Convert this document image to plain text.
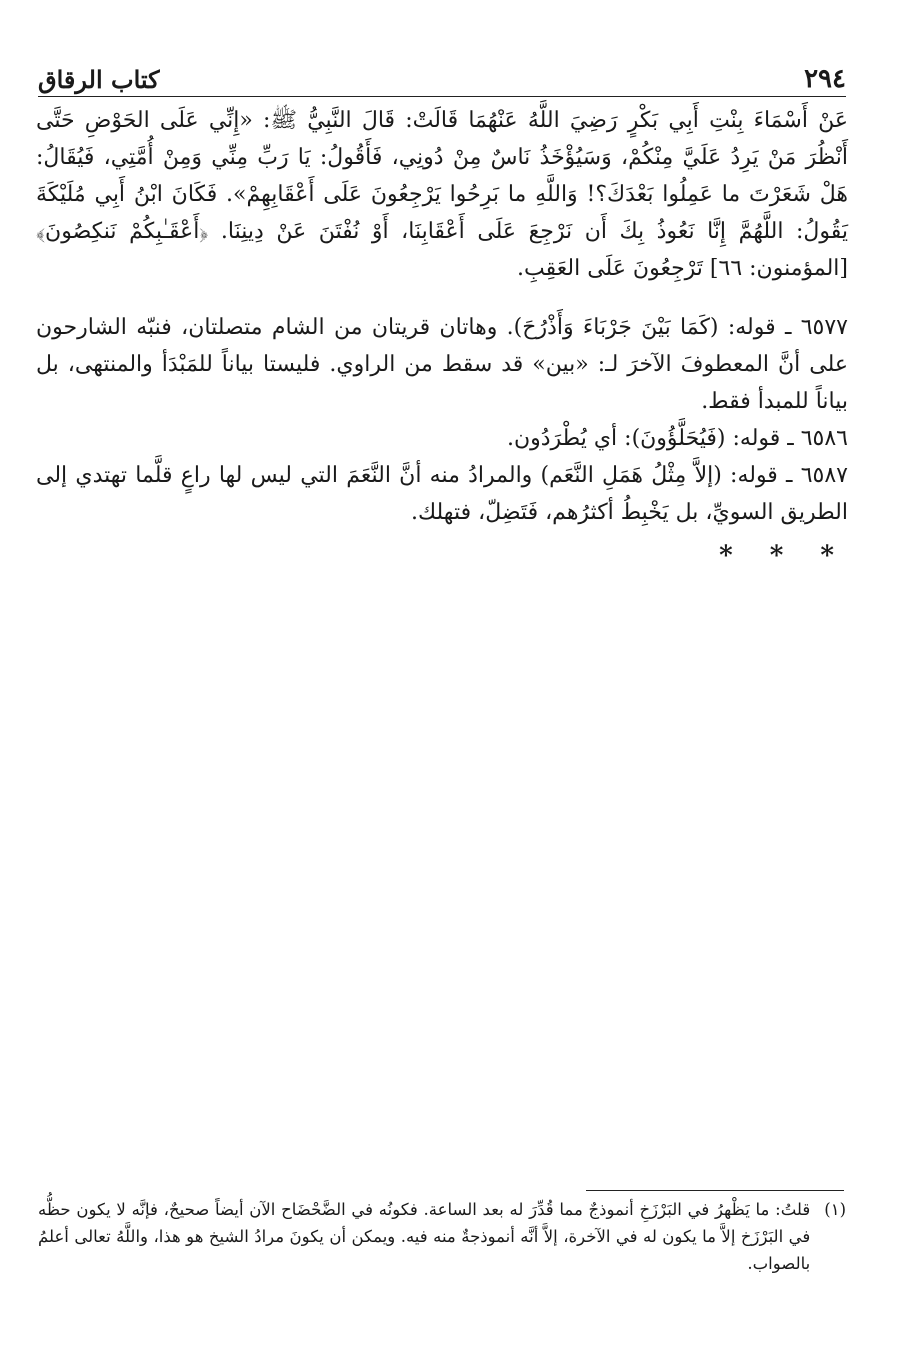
٢٩٤
كتاب الرقاق

عَنْ أَسْمَاءَ بِنْتِ أَبِي بَكْرٍ رَضِيَ اللَّهُ عَنْهُمَا قَالَتْ: قَالَ النَّبِيُّ ﷺ: «إِنِّي عَلَى الحَوْضِ حَتَّى أَنْظُرَ مَنْ يَرِدُ عَلَيَّ مِنْكُمْ، وَسَيُؤْخَذُ نَاسٌ مِنْ دُونِي، فَأَقُولُ: يَا رَبِّ مِنِّي وَمِنْ أُمَّتِي، فَيُقَالُ: هَلْ شَعَرْتَ ما عَمِلُوا بَعْدَكَ؟! وَاللَّهِ ما بَرِحُوا يَرْجِعُونَ عَلَى أَعْقَابِهِمْ». فَكَانَ ابْنُ أَبِي مُلَيْكَةَ يَقُولُ: اللَّهُمَّ إِنَّا نَعُوذُ بِكَ أَن نَرْجِعَ عَلَى أَعْقَابِنَا، أَوْ نُفْتَنَ عَنْ دِينِنَا. ﴿أَعْقَـٰبِكُمْ نَنكِصُونَ﴾ [المؤمنون: ٦٦] تَرْجِعُونَ عَلَى العَقِبِ.

٦٥٧٧ ـ قوله: (كَمَا بَيْنَ جَرْبَاءَ وَأَذْرُحَ). وهاتان قريتان من الشام متصلتان، فنبّه الشارحون على أنَّ المعطوفَ الآخرَ لـ: «بين» قد سقط من الراوي. فليستا بياناً للمَبْدَأ والمنتهى، بل بياناً للمبدأ فقط.

٦٥٨٦ ـ قوله: (فَيُحَلَّؤُونَ): أي يُطْرَدُون.

٦٥٨٧ ـ قوله: (إلاَّ مِثْلُ هَمَلِ النَّعَم) والمرادُ منه أنَّ النَّعَمَ التي ليس لها راعٍ قلَّما تهتدي إلى الطريق السويِّ، بل يَخْبِطُ أكثرُهم، فَتَضِلّ، فتهلك.

* * *
(١)
قلتُ: ما يَظْهرُ في البَرْزَخِ أنموذجٌ مما قُدِّرَ له بعد الساعة. فكونُه في الضَّحْضَاح الآن أيضاً صحيحٌ، فإنَّه لا يكون حظُّه في البَرْزَخ إلاَّ ما يكون له في الآخرة، إلاَّ أنَّه أنموذجةٌ منه فيه. ويمكن أن يكونَ مرادُ الشيخ هو هذا، واللَّهُ تعالى أعلمُ بالصواب.
